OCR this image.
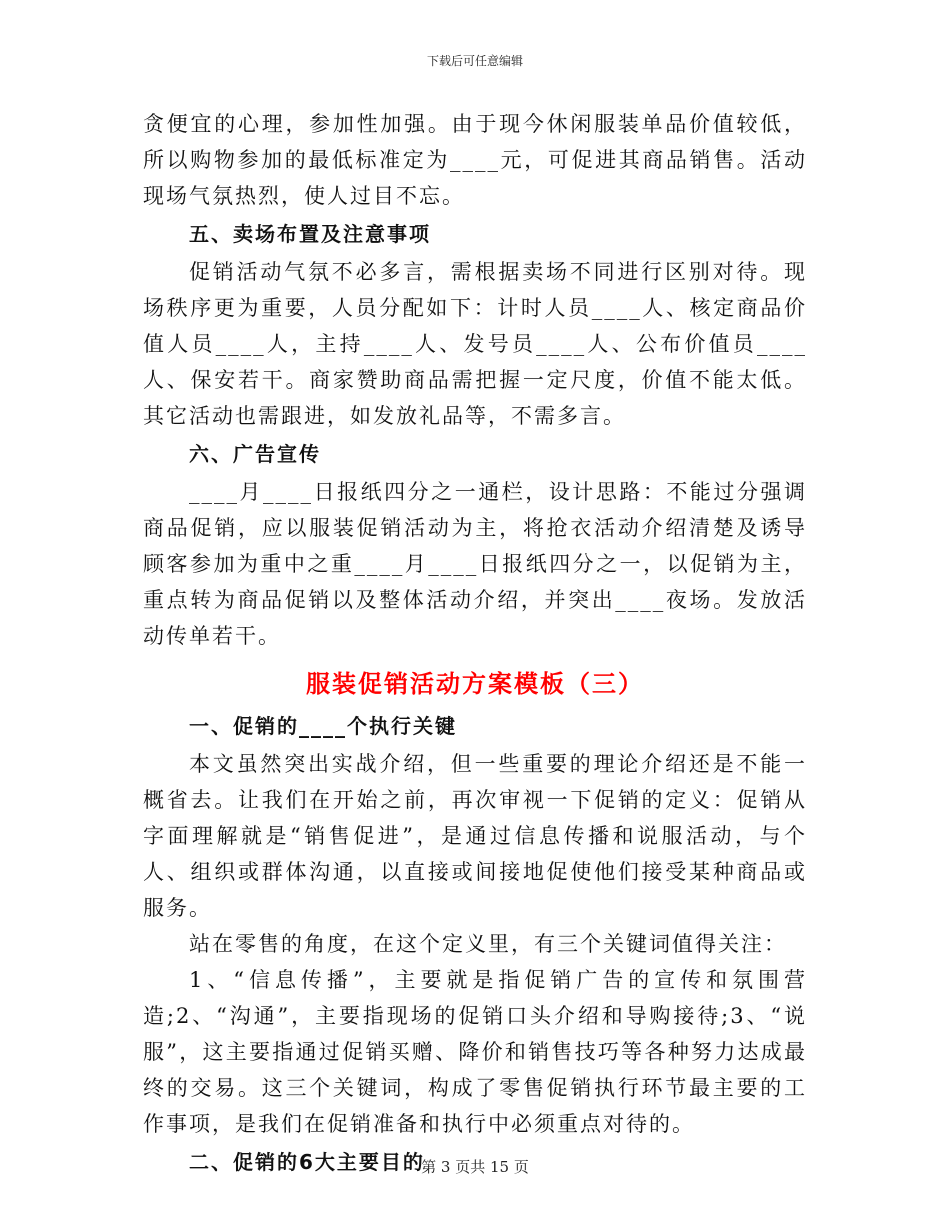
下载后可任意编辑

贪便宜的心理，参加性加强。由于现今休闲服装单品价值较低，所以购物参加的最低标准定为____元，可促进其商品销售。活动现场气氛热烈，使人过目不忘。

五、卖场布置及注意事项

促销活动气氛不必多言，需根据卖场不同进行区别对待。现场秩序更为重要，人员分配如下：计时人员____人、核定商品价值人员____人，主持____人、发号员____人、公布价值员____人、保安若干。商家赞助商品需把握一定尺度，价值不能太低。其它活动也需跟进，如发放礼品等，不需多言。

六、广告宣传

____月____日报纸四分之一通栏，设计思路：不能过分强调商品促销，应以服装促销活动为主，将抢衣活动介绍清楚及诱导顾客参加为重中之重____月____日报纸四分之一，以促销为主，重点转为商品促销以及整体活动介绍，并突出____夜场。发放活动传单若干。

服装促销活动方案模板（三）

一、促销的____个执行关键

本文虽然突出实战介绍，但一些重要的理论介绍还是不能一概省去。让我们在开始之前，再次审视一下促销的定义：促销从字面理解就是“销售促进”，是通过信息传播和说服活动，与个人、组织或群体沟通，以直接或间接地促使他们接受某种商品或服务。

站在零售的角度，在这个定义里，有三个关键词值得关注：

1、“信息传播”，主要就是指促销广告的宣传和氛围营造;2、“沟通”，主要指现场的促销口头介绍和导购接待;3、“说服”，这主要指通过促销买赠、降价和销售技巧等各种努力达成最终的交易。这三个关键词，构成了零售促销执行环节最主要的工作事项，是我们在促销准备和执行中必须重点对待的。

二、促销的6大主要目的

第 3 页共 15 页
